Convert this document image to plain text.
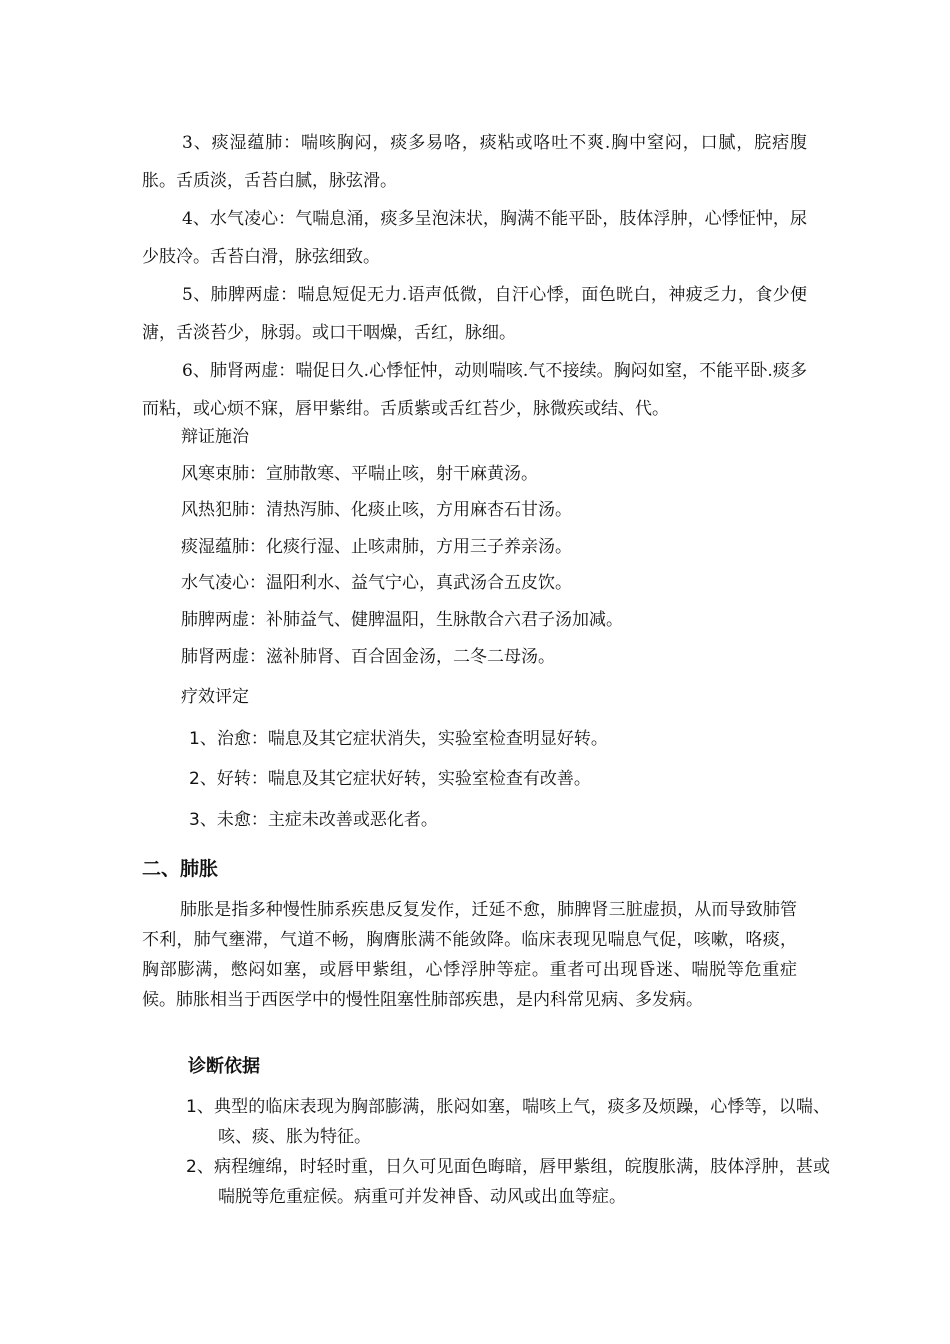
3、痰湿蕴肺：喘咳胸闷，痰多易咯，痰粘或咯吐不爽.胸中窒闷，口腻，脘痞腹胀。舌质淡，舌苔白腻，脉弦滑。

4、水气凌心：气喘息涌，痰多呈泡沫状，胸满不能平卧，肢体浮肿，心悸怔忡，尿少肢冷。舌苔白滑，脉弦细致。

5、肺脾两虚：喘息短促无力.语声低微，自汗心悸，面色晄白，神疲乏力，食少便溏，舌淡苔少，脉弱。或口干咽燥，舌红，脉细。

6、肺肾两虚：喘促日久.心悸怔忡，动则喘咳.气不接续。胸闷如窒，不能平卧.痰多而粘，或心烦不寐，唇甲紫绀。舌质紫或舌红苔少，脉微疾或结、代。

辩证施治

风寒束肺：宣肺散寒、平喘止咳，射干麻黄汤。

风热犯肺：清热泻肺、化痰止咳，方用麻杏石甘汤。

痰湿蕴肺：化痰行湿、止咳肃肺，方用三子养亲汤。

水气凌心：温阳利水、益气宁心，真武汤合五皮饮。

肺脾两虚：补肺益气、健脾温阳，生脉散合六君子汤加减。

肺肾两虚：滋补肺肾、百合固金汤，二冬二母汤。

疗效评定

1、治愈：喘息及其它症状消失，实验室检查明显好转。

2、好转：喘息及其它症状好转，实验室检查有改善。

3、未愈：主症未改善或恶化者。

二、肺胀

肺胀是指多种慢性肺系疾患反复发作，迁延不愈，肺脾肾三脏虚损，从而导致肺管不利，肺气壅滞，气道不畅，胸膺胀满不能敛降。临床表现见喘息气促，咳嗽，咯痰，胸部膨满，憋闷如塞，或唇甲紫组，心悸浮肿等症。重者可出现昏迷、喘脱等危重症候。肺胀相当于西医学中的慢性阻塞性肺部疾患，是内科常见病、多发病。

诊断依据

1、典型的临床表现为胸部膨满，胀闷如塞，喘咳上气，痰多及烦躁，心悸等，以喘、咳、痰、胀为特征。

2、病程缠绵，时轻时重，日久可见面色晦暗，唇甲紫组，皖腹胀满，肢体浮肿，甚或喘脱等危重症候。病重可并发神昏、动风或出血等症。
